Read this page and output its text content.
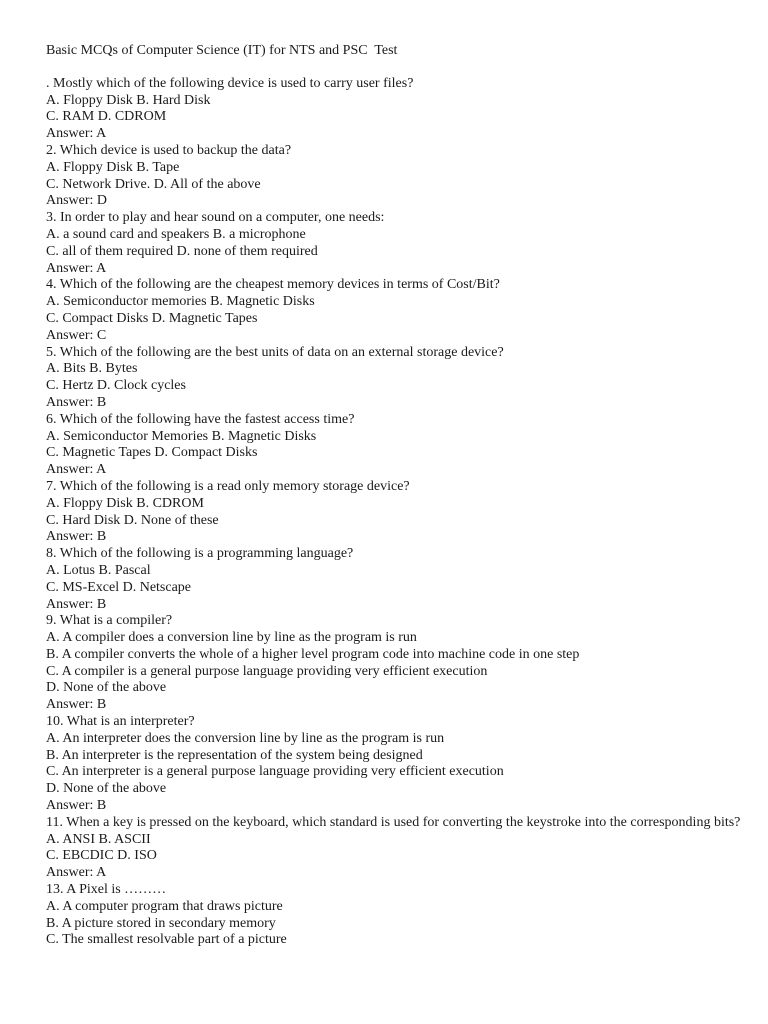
Basic MCQs of Computer Science (IT) for NTS and PSC  Test
. Mostly which of the following device is used to carry user files?
A. Floppy Disk B. Hard Disk
C. RAM D. CDROM
Answer: A
2. Which device is used to backup the data?
A. Floppy Disk B. Tape
C. Network Drive. D. All of the above
Answer: D
3. In order to play and hear sound on a computer, one needs:
A. a sound card and speakers B. a microphone
C. all of them required D. none of them required
Answer: A
4. Which of the following are the cheapest memory devices in terms of Cost/Bit?
A. Semiconductor memories B. Magnetic Disks
C. Compact Disks D. Magnetic Tapes
Answer: C
5. Which of the following are the best units of data on an external storage device?
A. Bits B. Bytes
C. Hertz D. Clock cycles
Answer: B
6. Which of the following have the fastest access time?
A. Semiconductor Memories B. Magnetic Disks
C. Magnetic Tapes D. Compact Disks
Answer: A
7. Which of the following is a read only memory storage device?
A. Floppy Disk B. CDROM
C. Hard Disk D. None of these
Answer: B
8. Which of the following is a programming language?
A. Lotus B. Pascal
C. MS-Excel D. Netscape
Answer: B
9. What is a compiler?
A. A compiler does a conversion line by line as the program is run
B. A compiler converts the whole of a higher level program code into machine code in one step
C. A compiler is a general purpose language providing very efficient execution
D. None of the above
Answer: B
10. What is an interpreter?
A. An interpreter does the conversion line by line as the program is run
B. An interpreter is the representation of the system being designed
C. An interpreter is a general purpose language providing very efficient execution
D. None of the above
Answer: B
11. When a key is pressed on the keyboard, which standard is used for converting the keystroke into the corresponding bits?
A. ANSI B. ASCII
C. EBCDIC D. ISO
Answer: A
13. A Pixel is ………
A. A computer program that draws picture
B. A picture stored in secondary memory
C. The smallest resolvable part of a picture
